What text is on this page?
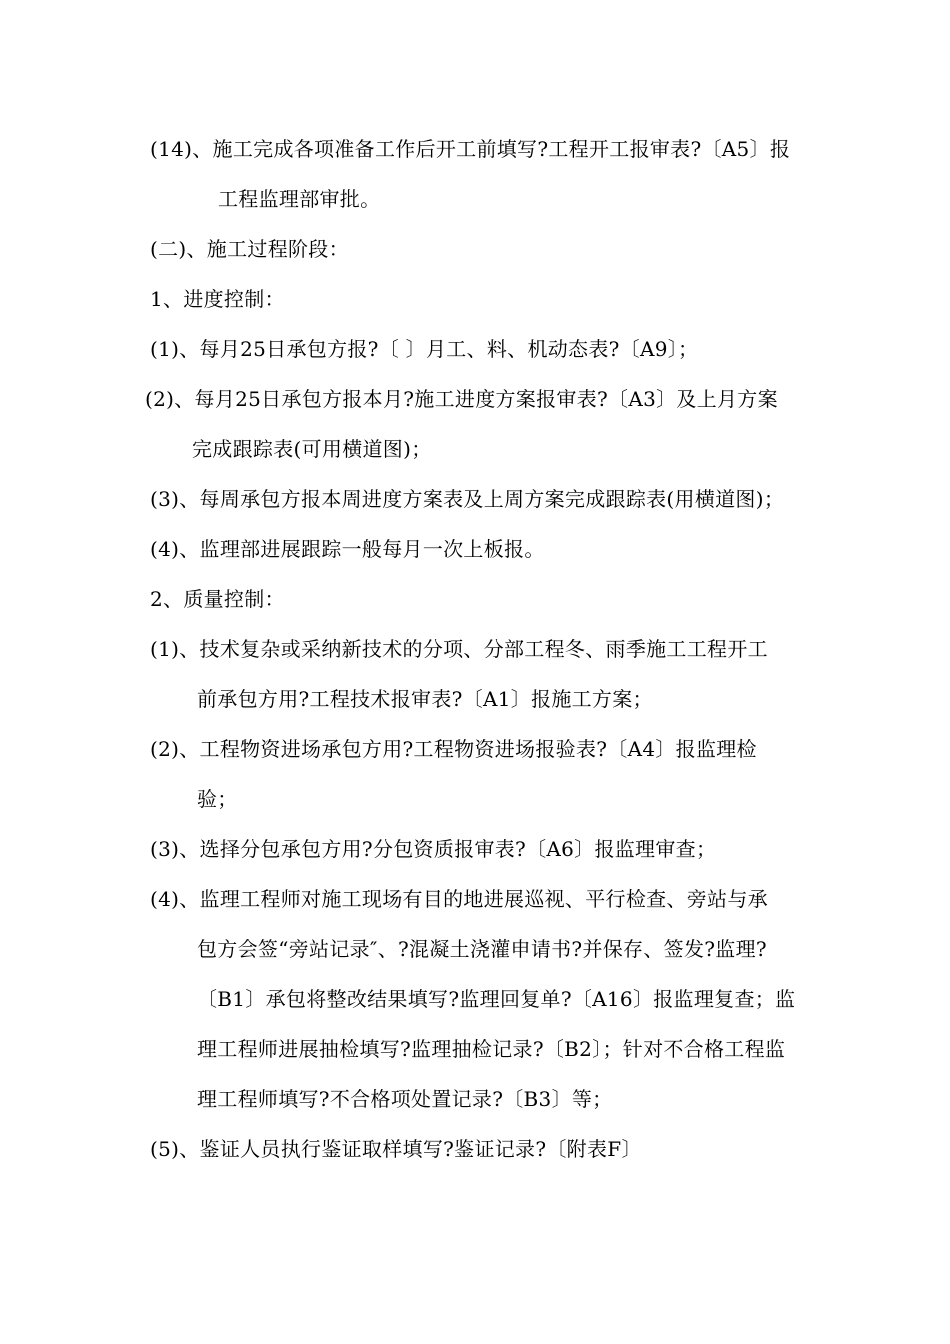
(14)、施工完成各项准备工作后开工前填写?工程开工报审表?〔A5〕报
工程监理部审批。
(二)、施工过程阶段：
1、进度控制：
(1)、每月25日承包方报?〔 〕月工、料、机动态表?〔A9〕；
(2)、每月25日承包方报本月?施工进度方案报审表?〔A3〕及上月方案
完成跟踪表(可用横道图)；
(3)、每周承包方报本周进度方案表及上周方案完成跟踪表(用横道图)；
(4)、监理部进展跟踪一般每月一次上板报。
2、质量控制：
(1)、技术复杂或采纳新技术的分项、分部工程冬、雨季施工工程开工
前承包方用?工程技术报审表?〔A1〕报施工方案；
(2)、工程物资进场承包方用?工程物资进场报验表?〔A4〕报监理检
验；
(3)、选择分包承包方用?分包资质报审表?〔A6〕报监理审查；
(4)、监理工程师对施工现场有目的地进展巡视、平行检查、旁站与承
包方会签“旁站记录″、?混凝土浇灌申请书?并保存、签发?监理?
〔B1〕承包将整改结果填写?监理回复单?〔A16〕报监理复查；监
理工程师进展抽检填写?监理抽检记录?〔B2〕；针对不合格工程监
理工程师填写?不合格项处置记录?〔B3〕等；
(5)、鉴证人员执行鉴证取样填写?鉴证记录?〔附表F〕
